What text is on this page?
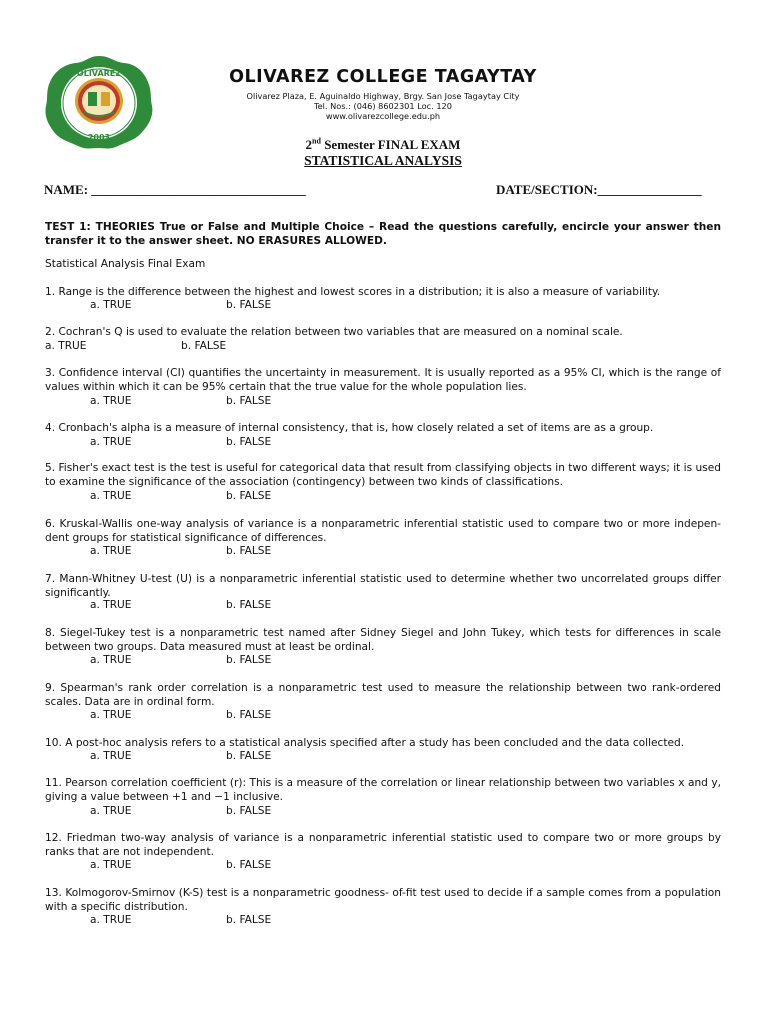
OLIVAREZ
2003
OLIVAREZ COLLEGE TAGAYTAY
Olivarez Plaza, E. Aguinaldo Highway, Brgy. San Jose Tagaytay City
Tel. Nos.: (046) 8602301 Loc. 120
www.olivarezcollege.edu.ph
2nd Semester FINAL EXAM
STATISTICAL ANALYSIS
NAME: _________________________________	DATE/SECTION:________________
TEST 1: THEORIES True or False and Multiple Choice – Read the questions carefully, encircle your answer then transfer it to the answer sheet. NO ERASURES ALLOWED.
Statistical Analysis Final Exam
1. Range is the difference between the highest and lowest scores in a distribution; it is also a measure of variability.
a. TRUE	b. FALSE
2. Cochran's Q is used to evaluate the relation between two variables that are measured on a nominal scale.
a. TRUE	b. FALSE
3. Confidence interval (CI) quantifies the uncertainty in measurement. It is usually reported as a 95% CI, which is the range of values within which it can be 95% certain that the true value for the whole population lies.
a. TRUE	b. FALSE
4. Cronbach's alpha is a measure of internal consistency, that is, how closely related a set of items are as a group.
a. TRUE	b. FALSE
5. Fisher's exact test is the test is useful for categorical data that result from classifying objects in two different ways; it is used to examine the significance of the association (contingency) between two kinds of classifications.
a. TRUE	b. FALSE
6. Kruskal-Wallis one-way analysis of variance is a nonparametric inferential statistic used to compare two or more indepen- dent groups for statistical significance of differences.
a. TRUE	b. FALSE
7. Mann-Whitney U-test (U) is a nonparametric inferential statistic used to determine whether two uncorrelated groups differ significantly.
a. TRUE	b. FALSE
8. Siegel-Tukey test is a nonparametric test named after Sidney Siegel and John Tukey, which tests for differences in scale between two groups. Data measured must at least be ordinal.
a. TRUE	b. FALSE
9. Spearman's rank order correlation is a nonparametric test used to measure the relationship between two rank-ordered scales. Data are in ordinal form.
a. TRUE	b. FALSE
10. A post-hoc analysis refers to a statistical analysis specified after a study has been concluded and the data collected.
a. TRUE	b. FALSE
11. Pearson correlation coefficient (r): This is a measure of the correlation or linear relationship between two variables x and y, giving a value between +1 and −1 inclusive.
a. TRUE	b. FALSE
12. Friedman two-way analysis of variance is a nonparametric inferential statistic used to compare two or more groups by ranks that are not independent.
a. TRUE	b. FALSE
13. Kolmogorov-Smirnov (K-S) test is a nonparametric goodness- of-fit test used to decide if a sample comes from a population with a specific distribution.
a. TRUE	b. FALSE
